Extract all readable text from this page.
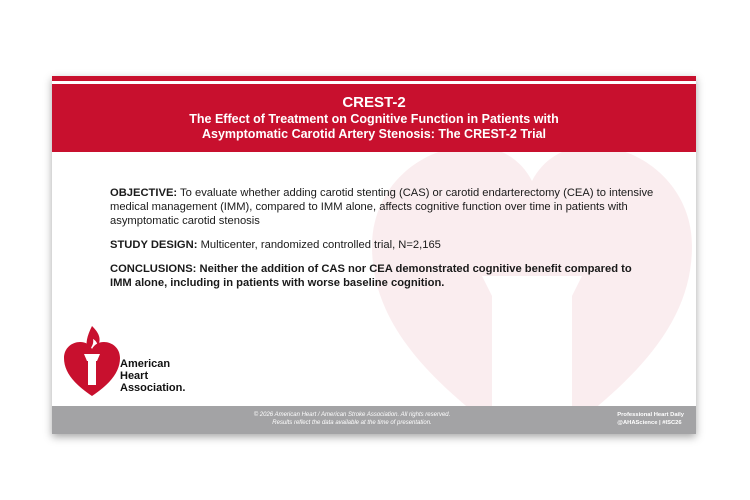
CREST-2
The Effect of Treatment on Cognitive Function in Patients with
Asymptomatic Carotid Artery Stenosis: The CREST-2 Trial

OBJECTIVE: To evaluate whether adding carotid stenting (CAS) or carotid endarterectomy (CEA) to intensive medical management (IMM), compared to IMM alone, affects cognitive function over time in patients with asymptomatic carotid stenosis

STUDY DESIGN: Multicenter, randomized controlled trial, N=2,165

CONCLUSIONS: Neither the addition of CAS nor CEA demonstrated cognitive benefit compared to IMM alone, including in patients with worse baseline cognition.

American
Heart
Association.
© 2026 American Heart / American Stroke Association. All rights reserved.
Results reflect the data available at the time of presentation.
Professional Heart Daily
@AHAScience | #ISC26
